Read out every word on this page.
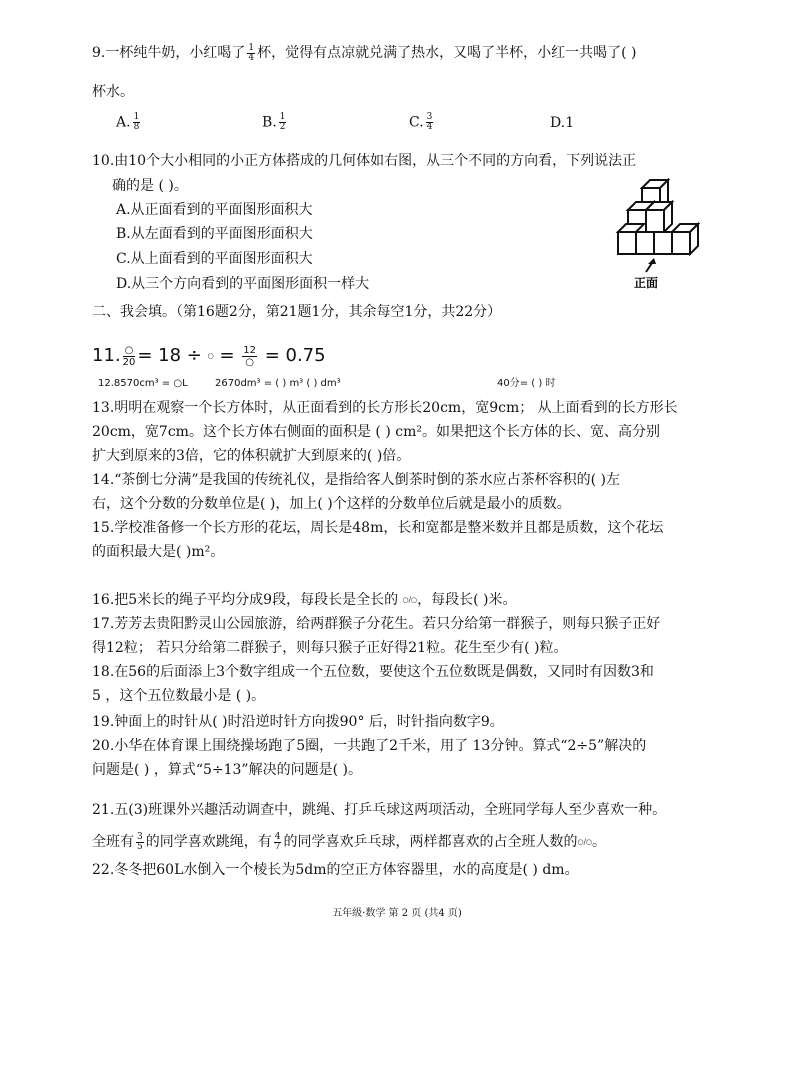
9.一杯纯牛奶，小红喝了 $\frac{1}{4}$ 杯，觉得有点凉就兑满了热水，又喝了半杯，小红一共喝了( )
杯水。
A. $\frac{1}{8}$	B. $\frac{1}{2}$	C. $\frac{3}{4}$	D.1
10.由10个大小相同的小正方体搭成的几何体如右图，从三个不同的方向看，下列说法正
确的是 ( )。
A.从正面看到的平面图形面积大
B.从左面看到的平面图形面积大
C.从上面看到的平面图形面积大
D.从三个方向看到的平面图形面积一样大	正面
二、我会填。（第16题2分，第21题1分，其余每空1分，共22分）
11. $\frac{○}{20} = 18$ ÷ ○ = $\frac{12}{○} = 0.75$
12.8570cm³ = ○L	2670dm³ = ( ) m³ ( ) dm³	40分= ( ) 时
13.明明在观察一个长方体时，从正面看到的长方形长20cm，宽9cm； 从上面看到的长方形长
20cm，宽7cm。这个长方体右侧面的面积是 ( ) cm²。如果把这个长方体的长、宽、高分别
扩大到原来的3倍，它的体积就扩大到原来的( )倍。
14.“茶倒七分满”是我国的传统礼仪，是指给客人倒茶时倒的茶水应占茶杯容积的( )左
右，这个分数的分数单位是( )，加上( )个这样的分数单位后就是最小的质数。
15.学校准备修一个长方形的花坛，周长是48m，长和宽都是整米数并且都是质数，这个花坛
的面积最大是( )m²。
16.把5米长的绳子平均分成9段，每段长是全长的 ○/○，每段长( )米。
17.芳芳去贵阳黔灵山公园旅游，给两群猴子分花生。若只分给第一群猴子，则每只猴子正好
得12粒； 若只分给第二群猴子，则每只猴子正好得21粒。花生至少有( )粒。
18.在56的后面添上3个数字组成一个五位数，要使这个五位数既是偶数，又同时有因数3和
5 ，这个五位数最小是 ( )。
19.钟面上的时针从( )时沿逆时针方向拨90° 后，时针指向数字9。
20.小华在体育课上围绕操场跑了5圈，一共跑了2千米，用了 13分钟。算式“2÷5”解决的
问题是( ) ，算式“5÷13”解决的问题是( )。
21.五(3)班课外兴趣活动调查中，跳绳、打乒乓球这两项活动，全班同学每人至少喜欢一种。
全班有 $\frac{3}{5}$ 的同学喜欢跳绳，有 $\frac{4}{7}$ 的同学喜欢乒乓球，两样都喜欢的占全班人数的○/○。
22.冬冬把60L水倒入一个棱长为5dm的空正方体容器里，水的高度是( ) dm。
五年级·数学 第 2 页 (共4 页)
